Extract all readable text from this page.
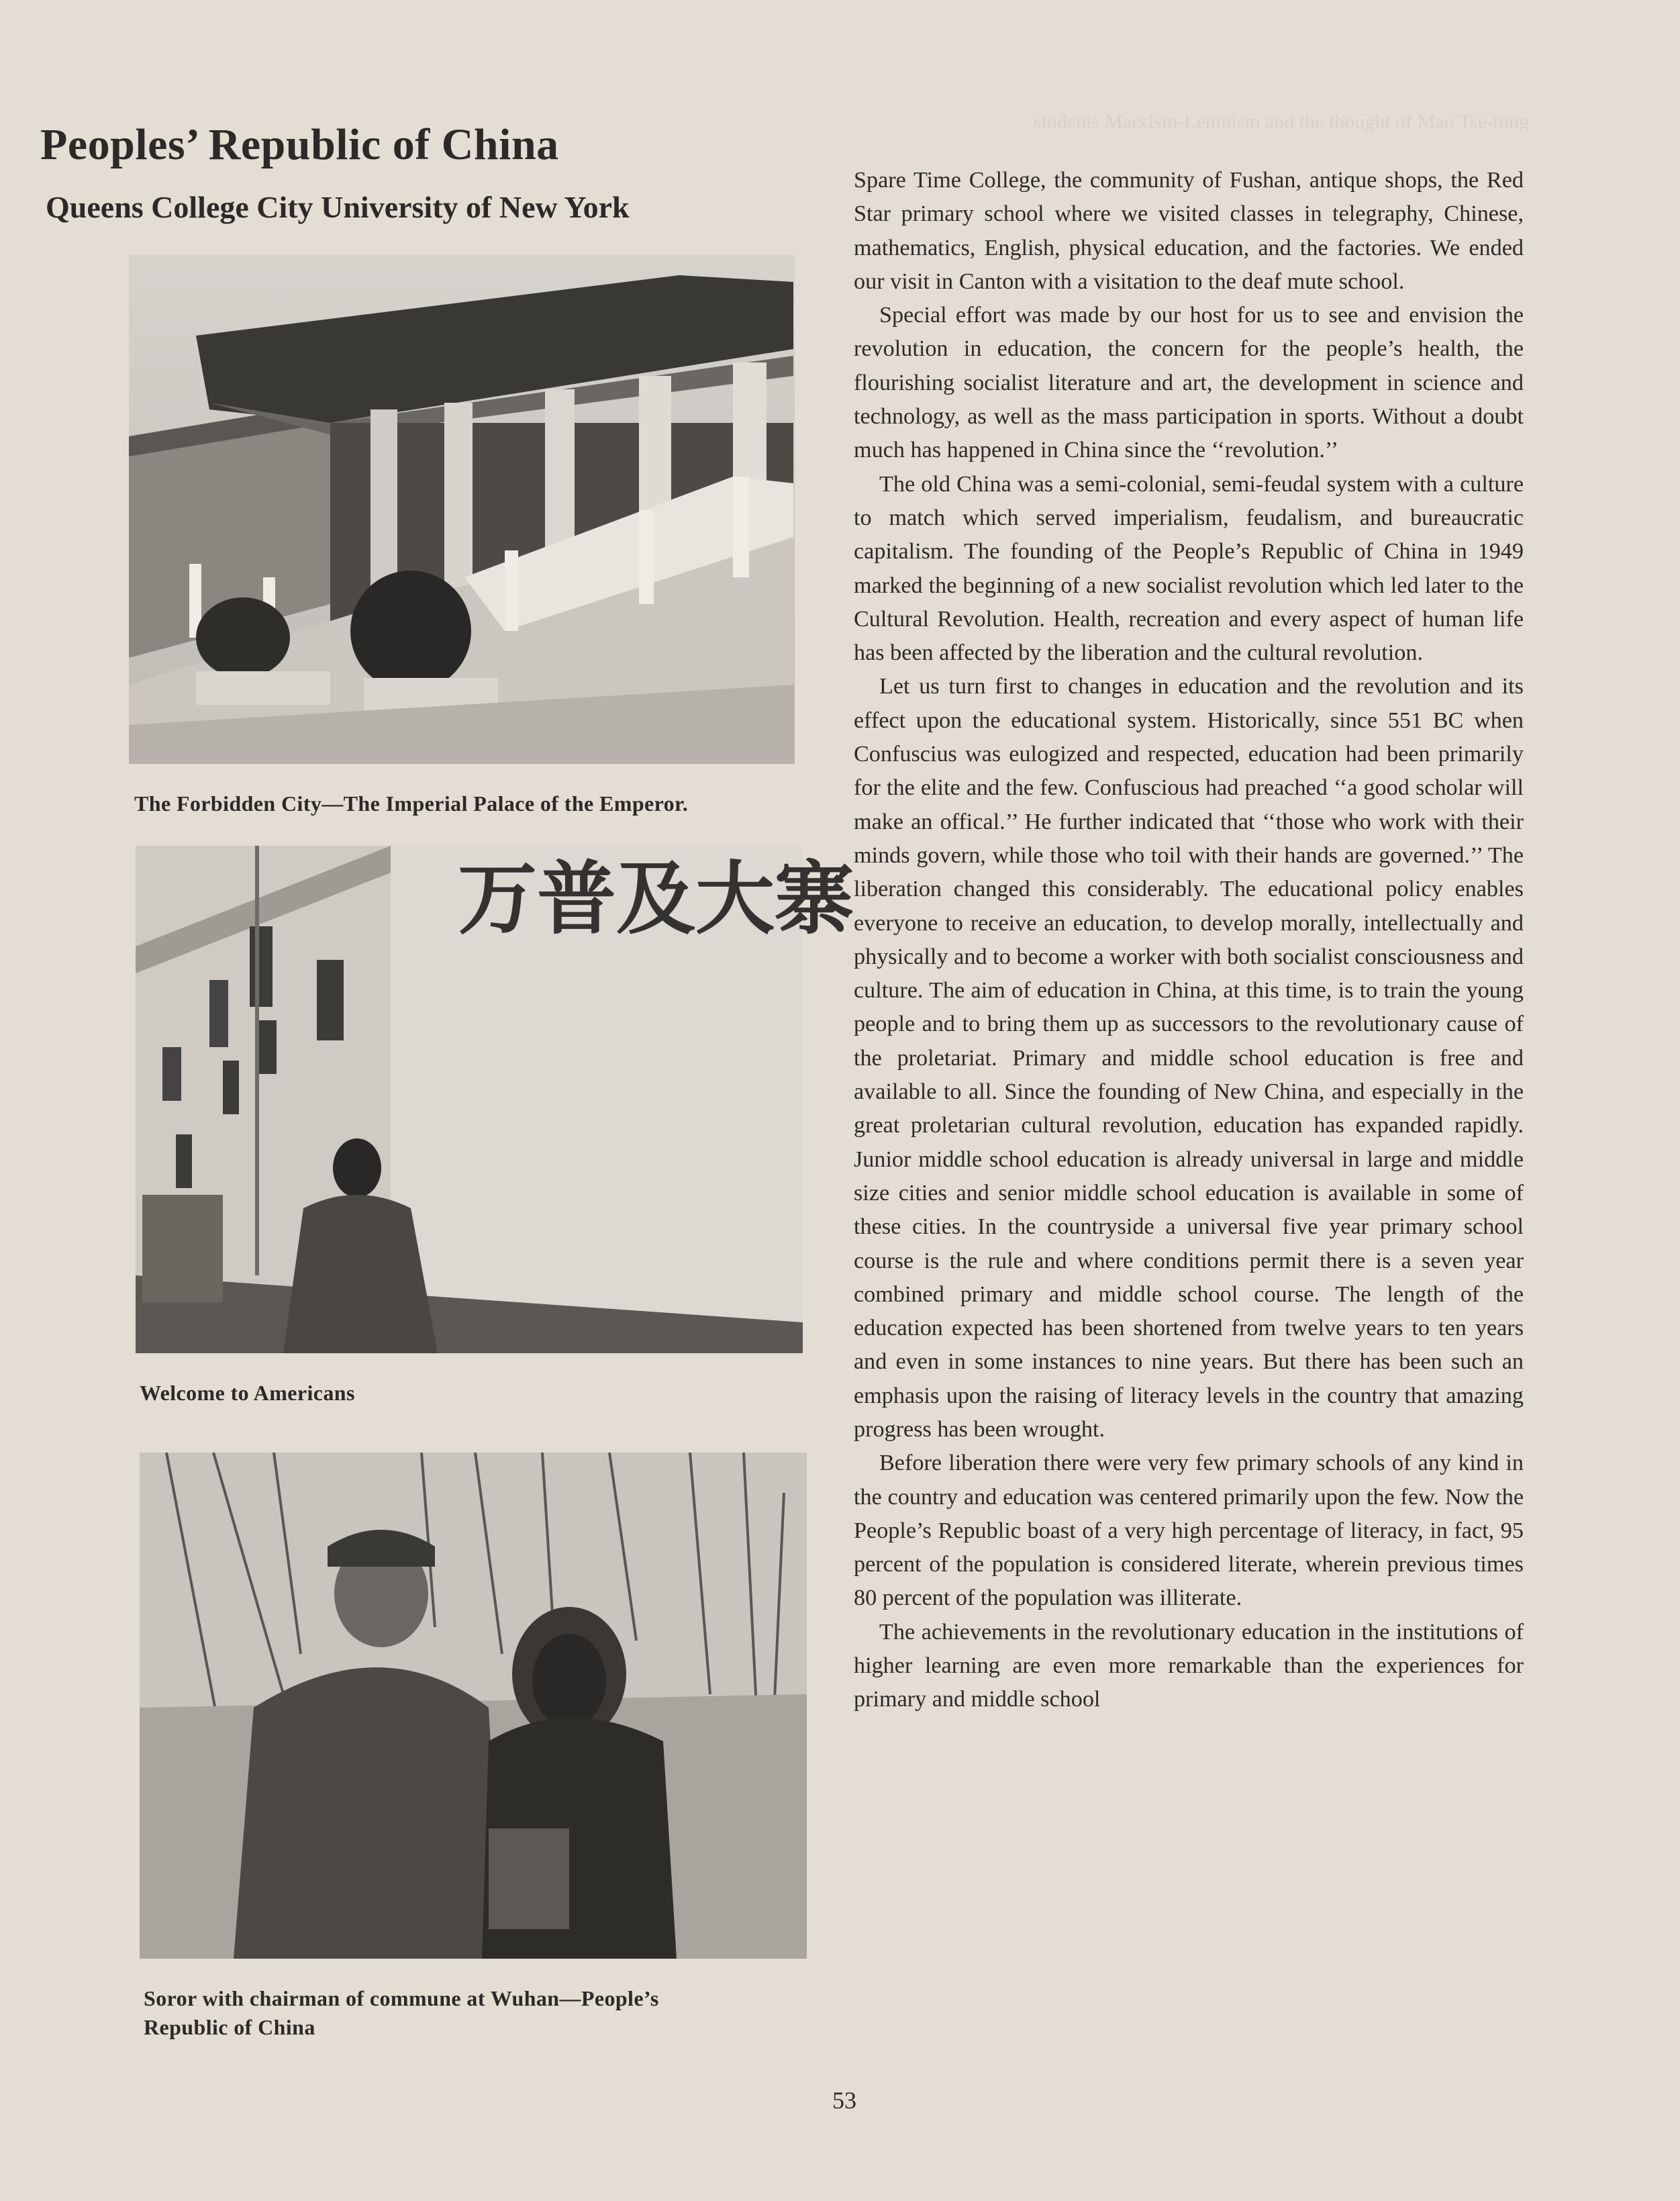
students Marxism-Leninism and the thought of Mao Tse-tung
Peoples’ Republic of China
Queens College City University of New York
The Forbidden City—The Imperial Palace of the Emperor.
万普及大寨
Welcome to Americans
Soror with chairman of commune at Wuhan—People’s
Republic of China

Spare Time College, the community of Fushan, antique shops, the Red Star primary school where we visited classes in telegraphy, Chinese, mathematics, English, physical education, and the factories. We ended our visit in Canton with a visitation to the deaf mute school.

Special effort was made by our host for us to see and envision the revolution in education, the concern for the people’s health, the flourishing socialist literature and art, the development in science and technology, as well as the mass participation in sports. Without a doubt much has happened in China since the ‘‘revolution.’’

The old China was a semi-colonial, semi-feudal system with a culture to match which served imperialism, feudalism, and bureaucratic capitalism. The founding of the People’s Republic of China in 1949 marked the beginning of a new socialist revolution which led later to the Cultural Revolution. Health, recreation and every aspect of human life has been affected by the liberation and the cultural revolution.

Let us turn first to changes in education and the revolution and its effect upon the educational system. Historically, since 551 BC when Confuscius was eulogized and respected, education had been primarily for the elite and the few. Confuscious had preached ‘‘a good scholar will make an offical.’’ He further indicated that ‘‘those who work with their minds govern, while those who toil with their hands are governed.’’ The liberation changed this considerably. The educational policy enables everyone to receive an education, to develop morally, intellectually and physically and to become a worker with both socialist consciousness and culture. The aim of education in China, at this time, is to train the young people and to bring them up as successors to the revolutionary cause of the proletariat. Primary and middle school education is free and available to all. Since the founding of New China, and especially in the great proletarian cultural revolution, education has expanded rapidly. Junior middle school education is already universal in large and middle size cities and senior middle school education is available in some of these cities. In the countryside a universal five year primary school course is the rule and where conditions permit there is a seven year combined primary and middle school course. The length of the education expected has been shortened from twelve years to ten years and even in some instances to nine years. But there has been such an emphasis upon the raising of literacy levels in the country that amazing progress has been wrought.

Before liberation there were very few primary schools of any kind in the country and education was centered primarily upon the few. Now the People’s Republic boast of a very high percentage of literacy, in fact, 95 percent of the population is considered literate, wherein previous times 80 percent of the population was illiterate.

The achievements in the revolutionary education in the institutions of higher learning are even more remarkable than the experiences for primary and middle school

53
